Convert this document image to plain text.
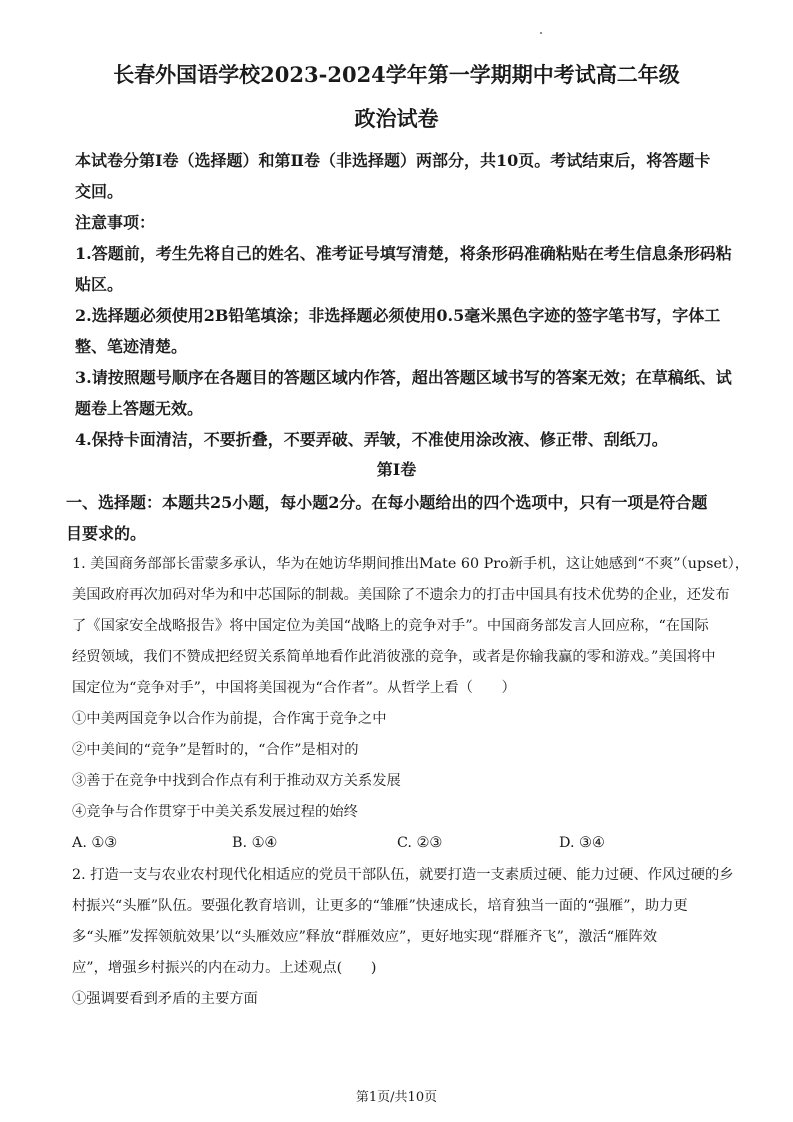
长春外国语学校2023-2024学年第一学期期中考试高二年级
政治试卷
本试卷分第Ⅰ卷（选择题）和第Ⅱ卷（非选择题）两部分，共10页。考试结束后，将答题卡
交回。
注意事项：
1.答题前，考生先将自己的姓名、准考证号填写清楚，将条形码准确粘贴在考生信息条形码粘
贴区。
2.选择题必须使用2B铅笔填涂；非选择题必须使用0.5毫米黑色字迹的签字笔书写，字体工
整、笔迹清楚。
3.请按照题号顺序在各题目的答题区域内作答，超出答题区域书写的答案无效；在草稿纸、试
题卷上答题无效。
4.保持卡面清洁，不要折叠，不要弄破、弄皱，不准使用涂改液、修正带、刮纸刀。
第Ⅰ卷
一、选择题：本题共25小题，每小题2分。在每小题给出的四个选项中，只有一项是符合题
目要求的。
1. 美国商务部部长雷蒙多承认，华为在她访华期间推出Mate 60 Pro新手机，这让她感到“不爽”（upset），
美国政府再次加码对华为和中芯国际的制裁。美国除了不遗余力的打击中国具有技术优势的企业，还发布
了《国家安全战略报告》将中国定位为美国“战略上的竞争对手”。中国商务部发言人回应称，“在国际
经贸领域，我们不赞成把经贸关系简单地看作此消彼涨的竞争，或者是你输我赢的零和游戏。”美国将中
国定位为“竞争对手”，中国将美国视为“合作者”。从哲学上看（　　）
①中美两国竞争以合作为前提，合作寓于竞争之中
②中美间的“竞争”是暂时的，“合作”是相对的
③善于在竞争中找到合作点有利于推动双方关系发展
④竞争与合作贯穿于中美关系发展过程的始终
A. ①③	B. ①④	C. ②③	D. ③④
2. 打造一支与农业农村现代化相适应的党员干部队伍，就要打造一支素质过硬、能力过硬、作风过硬的乡
村振兴“头雁”队伍。要强化教育培训，让更多的“雏雁”快速成长，培育独当一面的“强雁”，助力更
多“头雁”发挥领航效果’以“头雁效应”释放“群雁效应”，更好地实现“群雁齐飞”，激活“雁阵效
应”，增强乡村振兴的内在动力。上述观点(　　)
①强调要看到矛盾的主要方面
第1页/共10页
